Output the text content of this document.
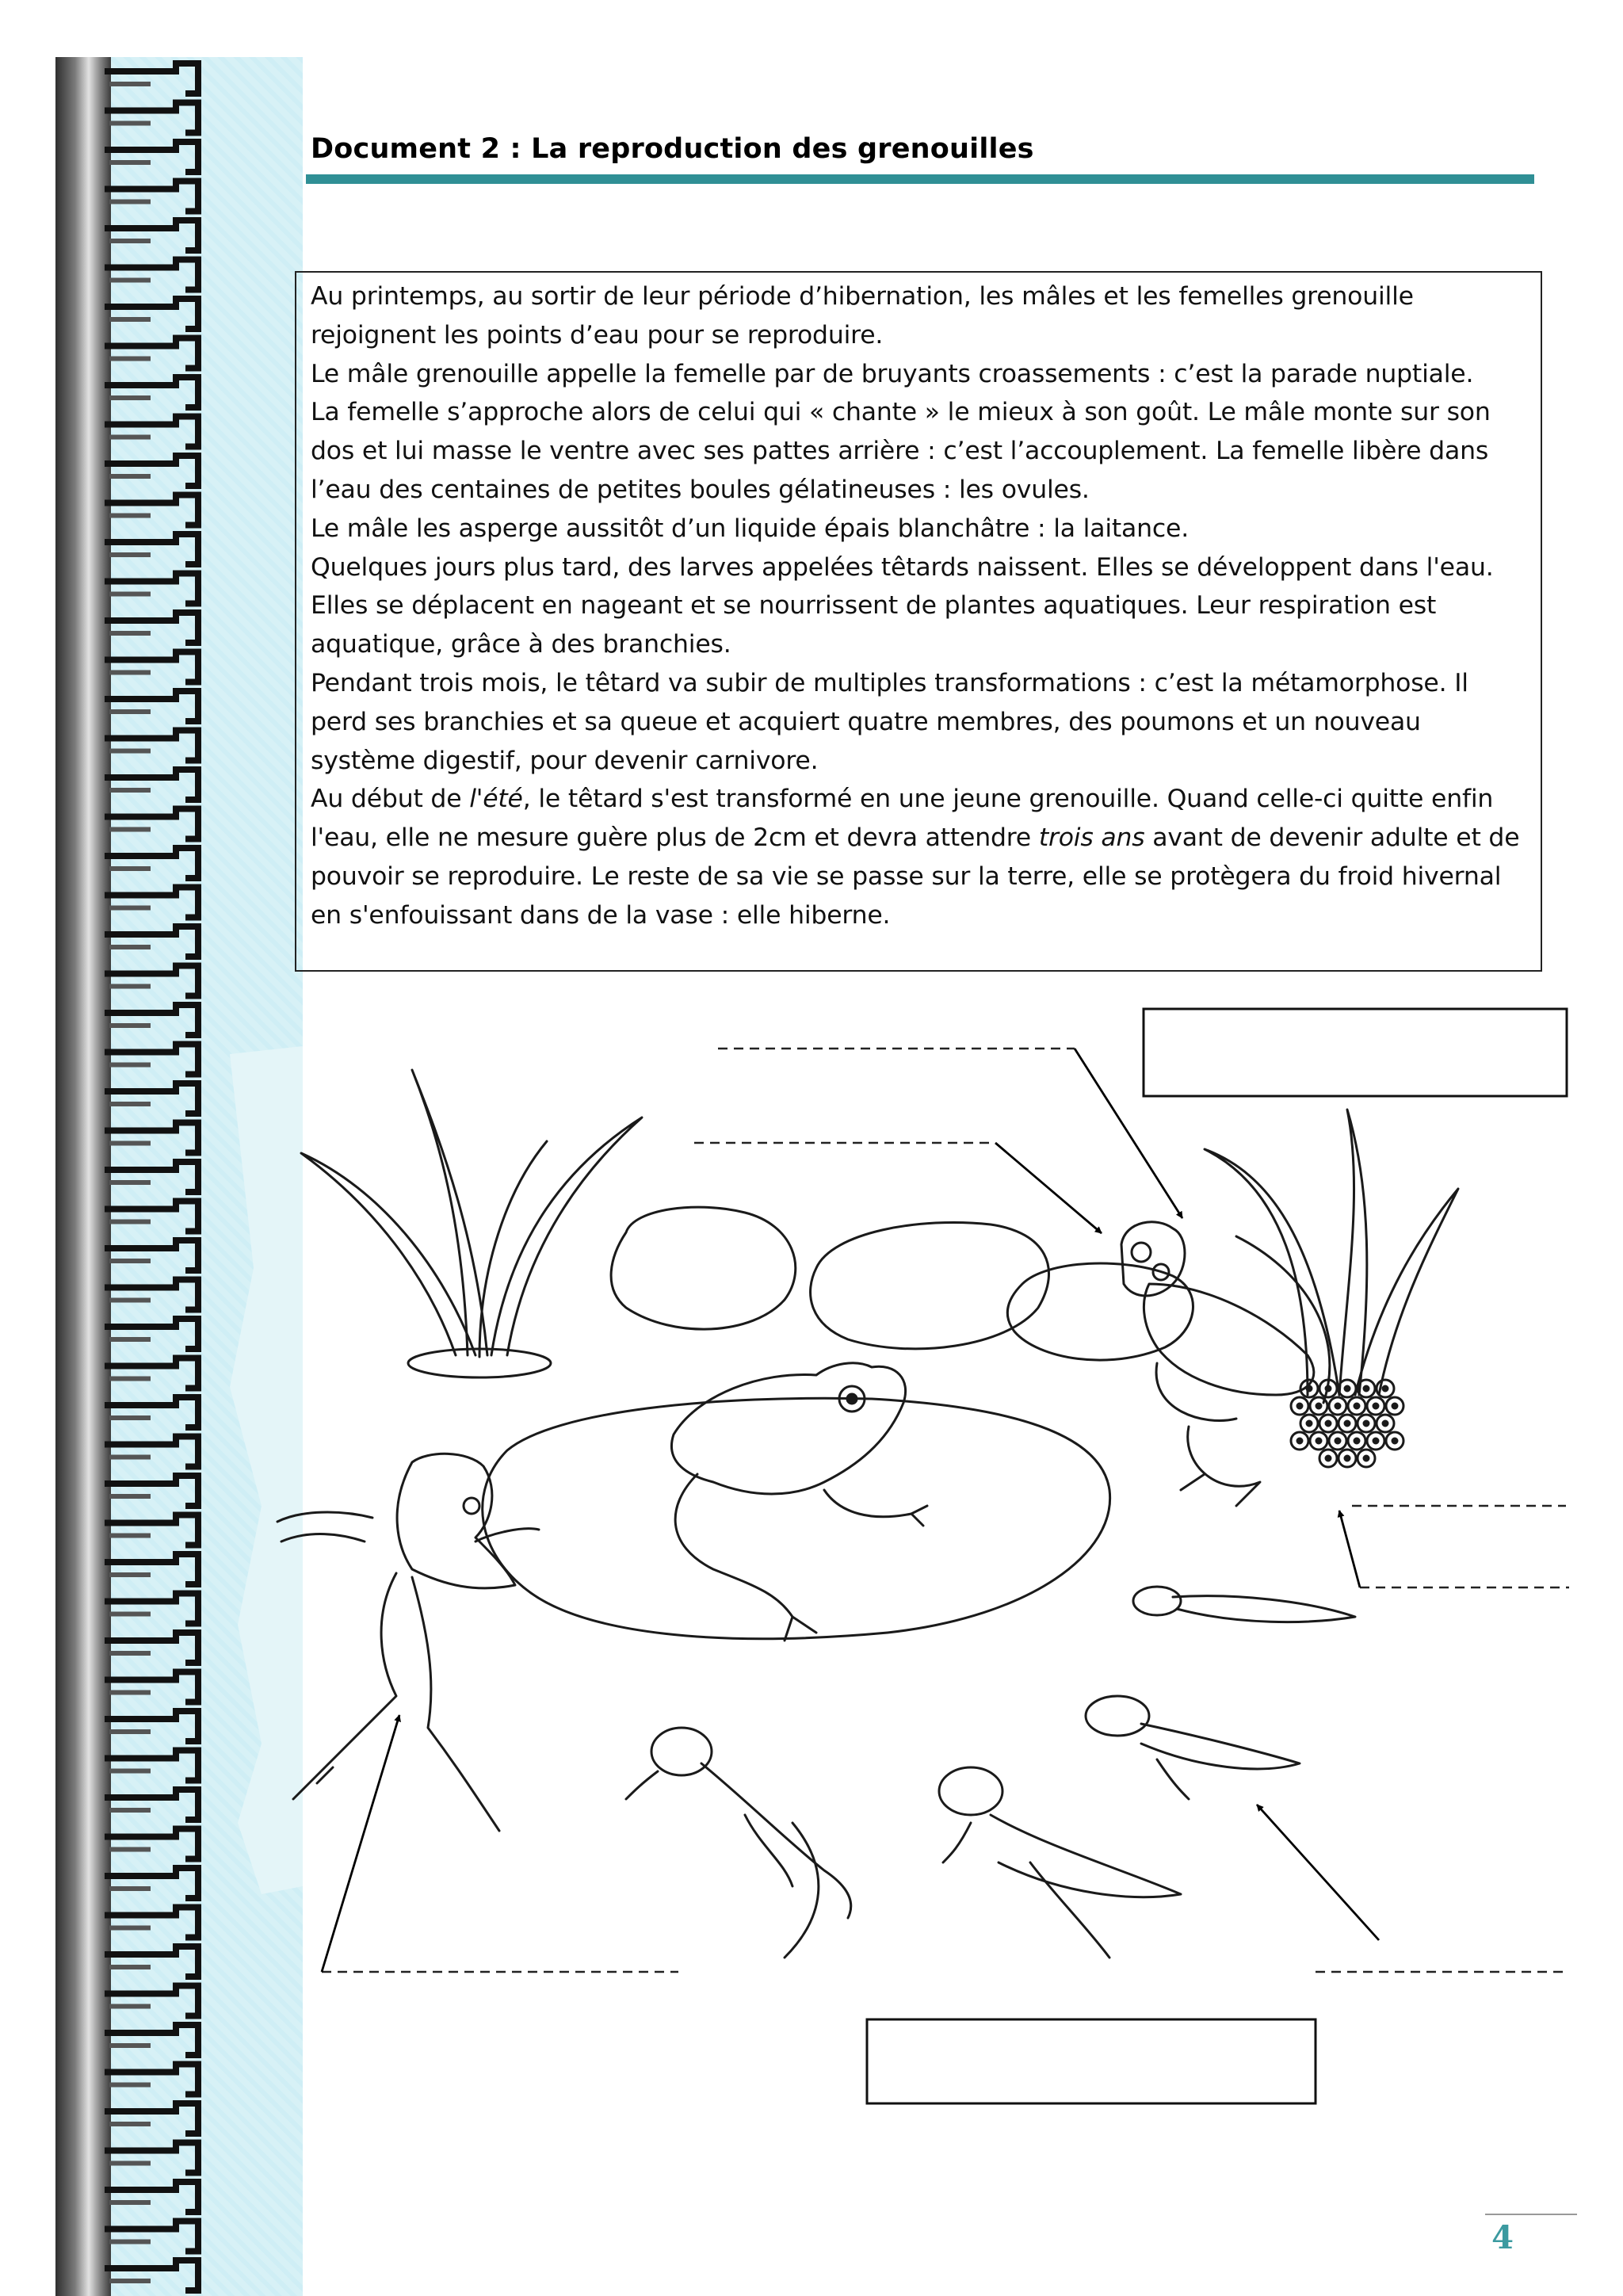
Document 2 : La reproduction des grenouilles

Au printemps, au sortir de leur période d’hibernation, les mâles et les femelles grenouille rejoignent les points d’eau pour se reproduire.

Le mâle grenouille appelle la femelle par de bruyants croassements : c’est la parade nuptiale.

La femelle s’approche alors de celui qui « chante » le mieux à son goût. Le mâle monte sur son dos et lui masse le ventre avec ses pattes arrière : c’est l’accouplement. La femelle libère dans l’eau des centaines de petites boules gélatineuses : les ovules.

Le mâle les asperge aussitôt d’un liquide épais blanchâtre : la laitance.

Quelques jours plus tard, des larves appelées têtards naissent. Elles se développent dans l'eau. Elles se déplacent en nageant et se nourrissent de plantes aquatiques. Leur respiration est aquatique, grâce à des branchies.

Pendant trois mois, le têtard va subir de multiples transformations : c’est la métamorphose. Il perd ses branchies et sa queue et acquiert quatre membres, des poumons et un nouveau système digestif, pour devenir carnivore.

Au début de l'été, le têtard s'est transformé en une jeune grenouille. Quand celle-ci quitte enfin l'eau, elle ne mesure guère plus de 2cm et devra attendre trois ans avant de devenir adulte et de pouvoir se reproduire. Le reste de sa vie se passe sur la terre, elle se protègera du froid hivernal en s'enfouissant dans de la vase : elle hiberne.

4
